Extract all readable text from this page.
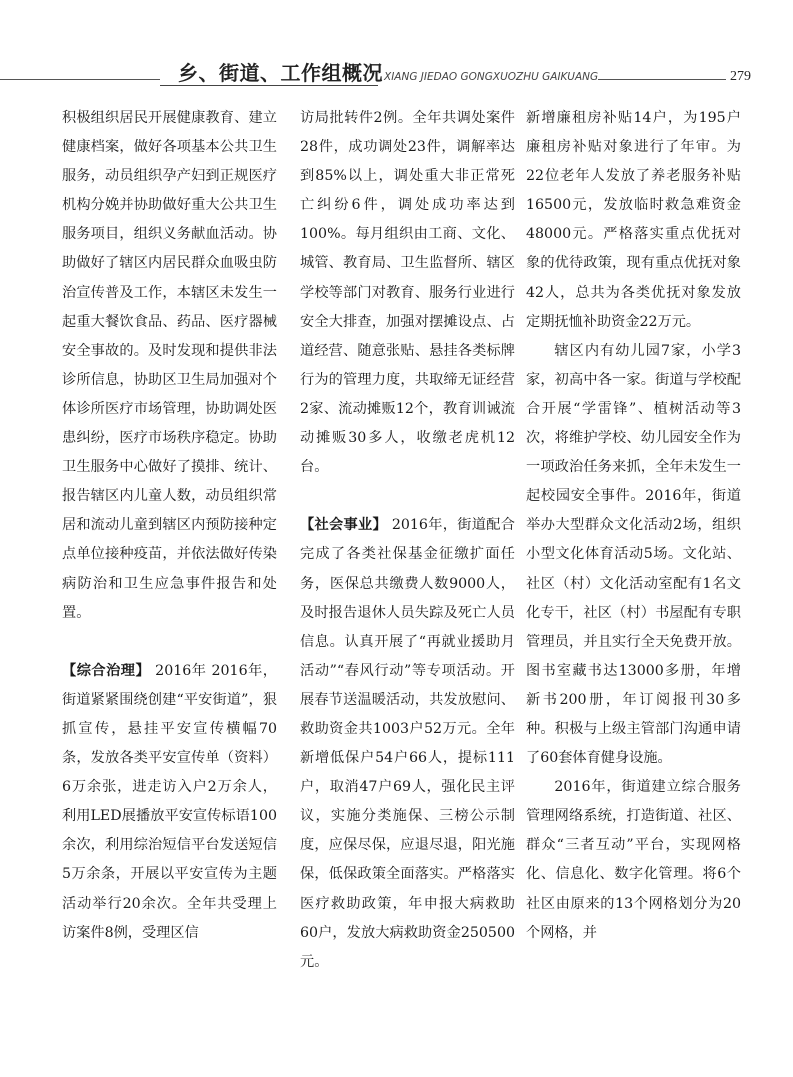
乡、街道、工作组概况 XIANG JIEDAO GONGXUOZHU GAIKUANG	279

积极组织居民开展健康教育、建立健康档案，做好各项基本公共卫生服务，动员组织孕产妇到正规医疗机构分娩并协助做好重大公共卫生服务项目，组织义务献血活动。协助做好了辖区内居民群众血吸虫防治宣传普及工作，本辖区未发生一起重大餐饮食品、药品、医疗器械安全事故的。及时发现和提供非法诊所信息，协助区卫生局加强对个体诊所医疗市场管理，协助调处医患纠纷，医疗市场秩序稳定。协助卫生服务中心做好了摸排、统计、报告辖区内儿童人数，动员组织常居和流动儿童到辖区内预防接种定点单位接种疫苗，并依法做好传染病防治和卫生应急事件报告和处置。

【综合治理】 2016年 2016年，街道紧紧围绕创建“平安街道”，狠抓宣传，悬挂平安宣传横幅70条，发放各类平安宣传单（资料）6万余张，进走访入户2万余人，利用LED展播放平安宣传标语100余次，利用综治短信平台发送短信5万余条，开展以平安宣传为主题活动举行20余次。全年共受理上访案件8例，受理区信

访局批转件2例。全年共调处案件28件，成功调处23件，调解率达到85%以上，调处重大非正常死亡纠纷6件，调处成功率达到100%。每月组织由工商、文化、城管、教育局、卫生监督所、辖区学校等部门对教育、服务行业进行安全大排查，加强对摆摊设点、占道经营、随意张贴、悬挂各类标牌行为的管理力度，共取缔无证经营2家、流动摊贩12个，教育训诫流动摊贩30多人，收缴老虎机12台。

【社会事业】 2016年，街道配合完成了各类社保基金征缴扩面任务，医保总共缴费人数9000人，及时报告退休人员失踪及死亡人员信息。认真开展了“再就业援助月活动”“春风行动”等专项活动。开展春节送温暖活动，共发放慰问、救助资金共1003户52万元。全年新增低保户54户66人，提标111户，取消47户69人，强化民主评议，实施分类施保、三榜公示制度，应保尽保，应退尽退，阳光施保，低保政策全面落实。严格落实医疗救助政策，年申报大病救助60户，发放大病救助资金250500元。

新增廉租房补贴14户，为195户廉租房补贴对象进行了年审。为22位老年人发放了养老服务补贴16500元，发放临时救急难资金48000元。严格落实重点优抚对象的优待政策，现有重点优抚对象42人，总共为各类优抚对象发放定期抚恤补助资金22万元。

辖区内有幼儿园7家，小学3家，初高中各一家。街道与学校配合开展“学雷锋”、植树活动等3次，将维护学校、幼儿园安全作为一项政治任务来抓，全年未发生一起校园安全事件。2016年，街道举办大型群众文化活动2场，组织小型文化体育活动5场。文化站、社区（村）文化活动室配有1名文化专干，社区（村）书屋配有专职管理员，并且实行全天免费开放。图书室藏书达13000多册，年增新书200册，年订阅报刊30多种。积极与上级主管部门沟通申请了60套体育健身设施。

2016年，街道建立综合服务管理网络系统，打造街道、社区、群众“三者互动”平台，实现网格化、信息化、数字化管理。将6个社区由原来的13个网格划分为20个网格，并
